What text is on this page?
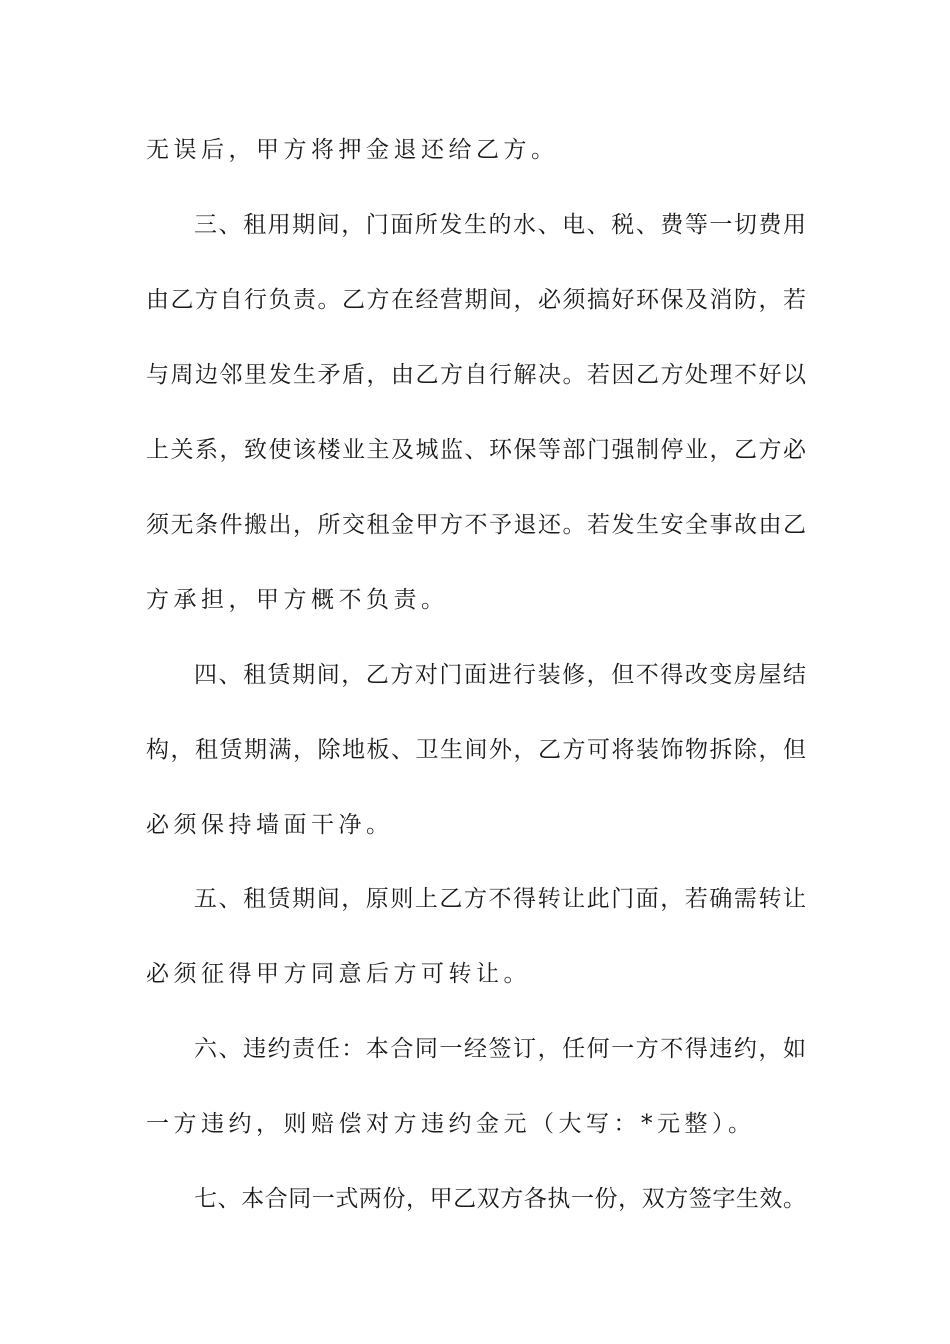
无误后，甲方将押金退还给乙方。
三、租用期间，门面所发生的水、电、税、费等一切费用
由乙方自行负责。乙方在经营期间，必须搞好环保及消防，若
与周边邻里发生矛盾，由乙方自行解决。若因乙方处理不好以
上关系，致使该楼业主及城监、环保等部门强制停业，乙方必
须无条件搬出，所交租金甲方不予退还。若发生安全事故由乙
方承担，甲方概不负责。
四、租赁期间，乙方对门面进行装修，但不得改变房屋结
构，租赁期满，除地板、卫生间外，乙方可将装饰物拆除，但
必须保持墙面干净。
五、租赁期间，原则上乙方不得转让此门面，若确需转让
必须征得甲方同意后方可转让。
六、违约责任：本合同一经签订，任何一方不得违约，如
一方违约，则赔偿对方违约金元（大写：*元整）。
七、本合同一式两份，甲乙双方各执一份，双方签字生效。
